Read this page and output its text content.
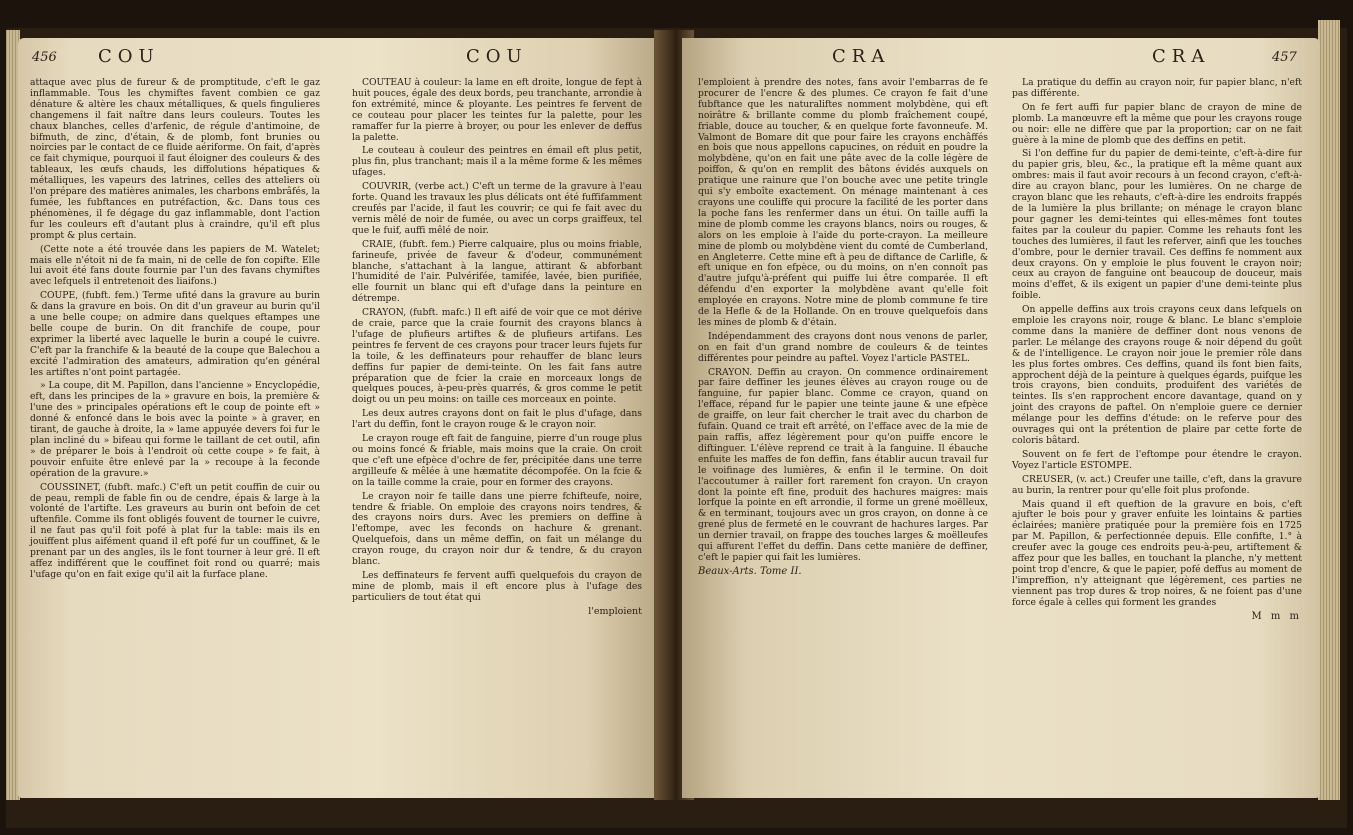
456 COU	COU

attaque avec plus de fureur & de promptitude, c'eft le gaz inflammable. Tous les chymiftes favent combien ce gaz dénature & altère les chaux métalliques, & quels fingulieres changemens il fait naître dans leurs couleurs. Toutes les chaux blanches, celles d'arfenic, de régule d'antimoine, de bifmuth, de zinc, d'étain, & de plomb, font brunies ou noircies par le contact de ce fluide aériforme. On fait, d'après ce fait chymique, pourquoi il faut éloigner des couleurs & des tableaux, les œufs chauds, les diffolutions hépatiques & métalliques, les vapeurs des latrines, celles des atteliers où l'on prépare des matières animales, les charbons embrâfés, la fumée, les fubftances en putréfaction, &c. Dans tous ces phénomènes, il fe dégage du gaz inflammable, dont l'action fur les couleurs eft d'autant plus à craindre, qu'il eft plus prompt & plus certain.

(Cette note a été trouvée dans les papiers de M. Watelet; mais elle n'étoit ni de fa main, ni de celle de fon copifte. Elle lui avoit été fans doute fournie par l'un des favans chymiftes avec lefquels il entretenoit des liaifons.)

COUPE, (fubft. fem.) Terme ufité dans la gravure au burin & dans la gravure en bois. On dit d'un graveur au burin qu'il a une belle coupe; on admire dans quelques eftampes une belle coupe de burin. On dit franchife de coupe, pour exprimer la liberté avec laquelle le burin a coupé le cuivre. C'eft par la franchife & la beauté de la coupe que Balechou a excité l'admiration des amateurs, admiration qu'en général les artiftes n'ont point partagée.

» La coupe, dit M. Papillon, dans l'ancienne » Encyclopédie, eft, dans les principes de la » gravure en bois, la première & l'une des » principales opérations eft le coup de pointe eft » donné & enfoncé dans le bois avec la pointe » à graver, en tirant, de gauche à droite, la » lame appuyée devers foi fur le plan incliné du » bifeau qui forme le taillant de cet outil, afin » de préparer le bois à l'endroit où cette coupe » fe fait, à pouvoir enfuite être enlevé par la » recoupe à la feconde opération de la gravure.»

COUSSINET, (fubft. mafc.) C'eft un petit couffin de cuir ou de peau, rempli de fable fin ou de cendre, épais & large à la volonté de l'artifte. Les graveurs au burin ont befoin de cet uftenfile. Comme ils font obligés fouvent de tourner le cuivre, il ne faut pas qu'il foit pofé à plat fur la table: mais ils en jouiffent plus aifément quand il eft pofé fur un couffinet, & le prenant par un des angles, ils le font tourner à leur gré. Il eft affez indifférent que le couffinet foit rond ou quarré; mais l'ufage qu'on en fait exige qu'il ait la furface plane.

COUTEAU à couleur: la lame en eft droite, longue de fept à huit pouces, égale des deux bords, peu tranchante, arrondie à fon extrémité, mince & ployante. Les peintres fe fervent de ce couteau pour placer les teintes fur la palette, pour les ramaffer fur la pierre à broyer, ou pour les enlever de deffus la palette.

Le couteau à couleur des peintres en émail eft plus petit, plus fin, plus tranchant; mais il a la même forme & les mêmes ufages.

COUVRIR, (verbe act.) C'eft un terme de la gravure à l'eau forte. Quand les travaux les plus délicats ont été fuffifamment creufés par l'acide, il faut les couvrir; ce qui fe fait avec du vernis mêlé de noir de fumée, ou avec un corps graiffeux, tel que le fuif, auffi mêlé de noir.

CRAIE, (fubft. fem.) Pierre calquaire, plus ou moins friable, farineufe, privée de faveur & d'odeur, communément blanche, s'attachant à la langue, attirant & abforbant l'humidité de l'air. Pulvérifée, tamifée, lavée, bien purifiée, elle fournit un blanc qui eft d'ufage dans la peinture en détrempe.

CRAYON, (fubft. mafc.) Il eft aifé de voir que ce mot dérive de craie, parce que la craie fournit des crayons blancs à l'ufage de plufieurs artiftes & de plufieurs artifans. Les peintres fe fervent de ces crayons pour tracer leurs fujets fur la toile, & les deffinateurs pour rehauffer de blanc leurs deffins fur papier de demi-teinte. On les fait fans autre préparation que de fcier la craie en morceaux longs de quelques pouces, à-peu-près quarrés, & gros comme le petit doigt ou un peu moins: on taille ces morceaux en pointe.

Les deux autres crayons dont on fait le plus d'ufage, dans l'art du deffin, font le crayon rouge & le crayon noir.

Le crayon rouge eft fait de fanguine, pierre d'un rouge plus ou moins foncé & friable, mais moins que la craie. On croit que c'eft une efpèce d'ochre de fer, précipitée dans une terre argilleufe & mêlée à une hæmatite décompofée. On la fcie & on la taille comme la craie, pour en former des crayons.

Le crayon noir fe taille dans une pierre fchifteufe, noire, tendre & friable. On emploie des crayons noirs tendres, & des crayons noirs durs. Avec les premiers on deffine à l'eftompe, avec les feconds on hachure & grenant. Quelquefois, dans un même deffin, on fait un mélange du crayon rouge, du crayon noir dur & tendre, & du crayon blanc.

Les deffinateurs fe fervent auffi quelquefois du crayon de mine de plomb, mais il eft encore plus à l'ufage des particuliers de tout état qui

l'emploient
CRA	CRA	457

l'emploient à prendre des notes, fans avoir l'embarras de fe procurer de l'encre & des plumes. Ce crayon fe fait d'une fubftance que les naturaliftes nomment molybdène, qui eft noirâtre & brillante comme du plomb fraîchement coupé, friable, douce au toucher, & en quelque forte favonneufe. M. Valmont de Bomare dit que pour faire les crayons enchâffés en bois que nous appellons capucines, on réduit en poudre la molybdène, qu'on en fait une pâte avec de la colle légère de poiffon, & qu'on en remplit des bâtons évidés auxquels on pratique une rainure que l'on bouche avec une petite tringle qui s'y emboîte exactement. On ménage maintenant à ces crayons une couliffe qui procure la facilité de les porter dans la poche fans les renfermer dans un étui. On taille auffi la mine de plomb comme les crayons blancs, noirs ou rouges, & alors on les emploie à l'aide du porte-crayon. La meilleure mine de plomb ou molybdène vient du comté de Cumberland, en Angleterre. Cette mine eft à peu de diftance de Carlifle, & eft unique en fon efpèce, ou du moins, on n'en connoît pas d'autre jufqu'à-préfent qui puiffe lui être comparée. Il eft défendu d'en exporter la molybdène avant qu'elle foit employée en crayons. Notre mine de plomb commune fe tire de la Hefle & de la Hollande. On en trouve quelquefois dans les mines de plomb & d'étain.

Indépendamment des crayons dont nous venons de parler, on en fait d'un grand nombre de couleurs & de teintes différentes pour peindre au paftel. Voyez l'article PASTEL.

CRAYON. Deffin au crayon. On commence ordinairement par faire deffiner les jeunes élèves au crayon rouge ou de fanguine, fur papier blanc. Comme ce crayon, quand on l'efface, répand fur le papier une teinte jaune & une efpèce de graiffe, on leur fait chercher le trait avec du charbon de fufain. Quand ce trait eft arrêté, on l'efface avec de la mie de pain raffis, affez légèrement pour qu'on puiffe encore le diftinguer. L'élève reprend ce trait à la fanguine. Il ébauche enfuite les maffes de fon deffin, fans établir aucun travail fur le voifinage des lumières, & enfin il le termine. On doit l'accoutumer à railler fort rarement fon crayon. Un crayon dont la pointe eft fine, produit des hachures maigres: mais lorfque la pointe en eft arrondie, il forme un grené moëlleux, & en terminant, toujours avec un gros crayon, on donne à ce grené plus de fermeté en le couvrant de hachures larges. Par un dernier travail, on frappe des touches larges & moëlleufes qui affurent l'effet du deffin. Dans cette manière de deffiner, c'eft le papier qui fait les lumières.

Beaux-Arts. Tome II.

La pratique du deffin au crayon noir, fur papier blanc, n'eft pas différente.

On fe fert auffi fur papier blanc de crayon de mine de plomb. La manœuvre eft la même que pour les crayons rouge ou noir: elle ne diffère que par la proportion; car on ne fait guère à la mine de plomb que des deffins en petit.

Si l'on deffine fur du papier de demi-teinte, c'eft-à-dire fur du papier gris, bleu, &c., la pratique eft la même quant aux ombres: mais il faut avoir recours à un fecond crayon, c'eft-à-dire au crayon blanc, pour les lumières. On ne charge de crayon blanc que les rehauts, c'eft-à-dire les endroits frappés de la lumière la plus brillante; on ménage le crayon blanc pour gagner les demi-teintes qui elles-mêmes font toutes faites par la couleur du papier. Comme les rehauts font les touches des lumières, il faut les referver, ainfi que les touches d'ombre, pour le dernier travail. Ces deffins fe nomment aux deux crayons. On y emploie le plus fouvent le crayon noir; ceux au crayon de fanguine ont beaucoup de douceur, mais moins d'effet, & ils exigent un papier d'une demi-teinte plus foible.

On appelle deffins aux trois crayons ceux dans lefquels on emploie les crayons noir, rouge & blanc. Le blanc s'emploie comme dans la manière de deffiner dont nous venons de parler. Le mélange des crayons rouge & noir dépend du goût & de l'intelligence. Le crayon noir joue le premier rôle dans les plus fortes ombres. Ces deffins, quand ils font bien faits, approchent déjà de la peinture à quelques égards, puifque les trois crayons, bien conduits, produifent des variétés de teintes. Ils s'en rapprochent encore davantage, quand on y joint des crayons de paftel. On n'emploie guere ce dernier mélange pour les deffins d'étude: on le referve pour des ouvrages qui ont la prétention de plaire par cette forte de coloris bâtard.

Souvent on fe fert de l'eftompe pour étendre le crayon. Voyez l'article ESTOMPE.

CREUSER, (v. act.) Creufer une taille, c'eft, dans la gravure au burin, la rentrer pour qu'elle foit plus profonde.

Mais quand il eft queftion de la gravure en bois, c'eft ajufter le bois pour y graver enfuite les lointains & parties éclairées; manière pratiquée pour la première fois en 1725 par M. Papillon, & perfectionnée depuis. Elle confifte, 1.° à creufer avec la gouge ces endroits peu-à-peu, artiftement & affez pour que les balles, en touchant la planche, n'y mettent point trop d'encre, & que le papier, pofé deffus au moment de l'impreffion, n'y atteignant que légèrement, ces parties ne viennent pas trop dures & trop noires, & ne foient pas d'une force égale à celles qui forment les grandes

M m m
